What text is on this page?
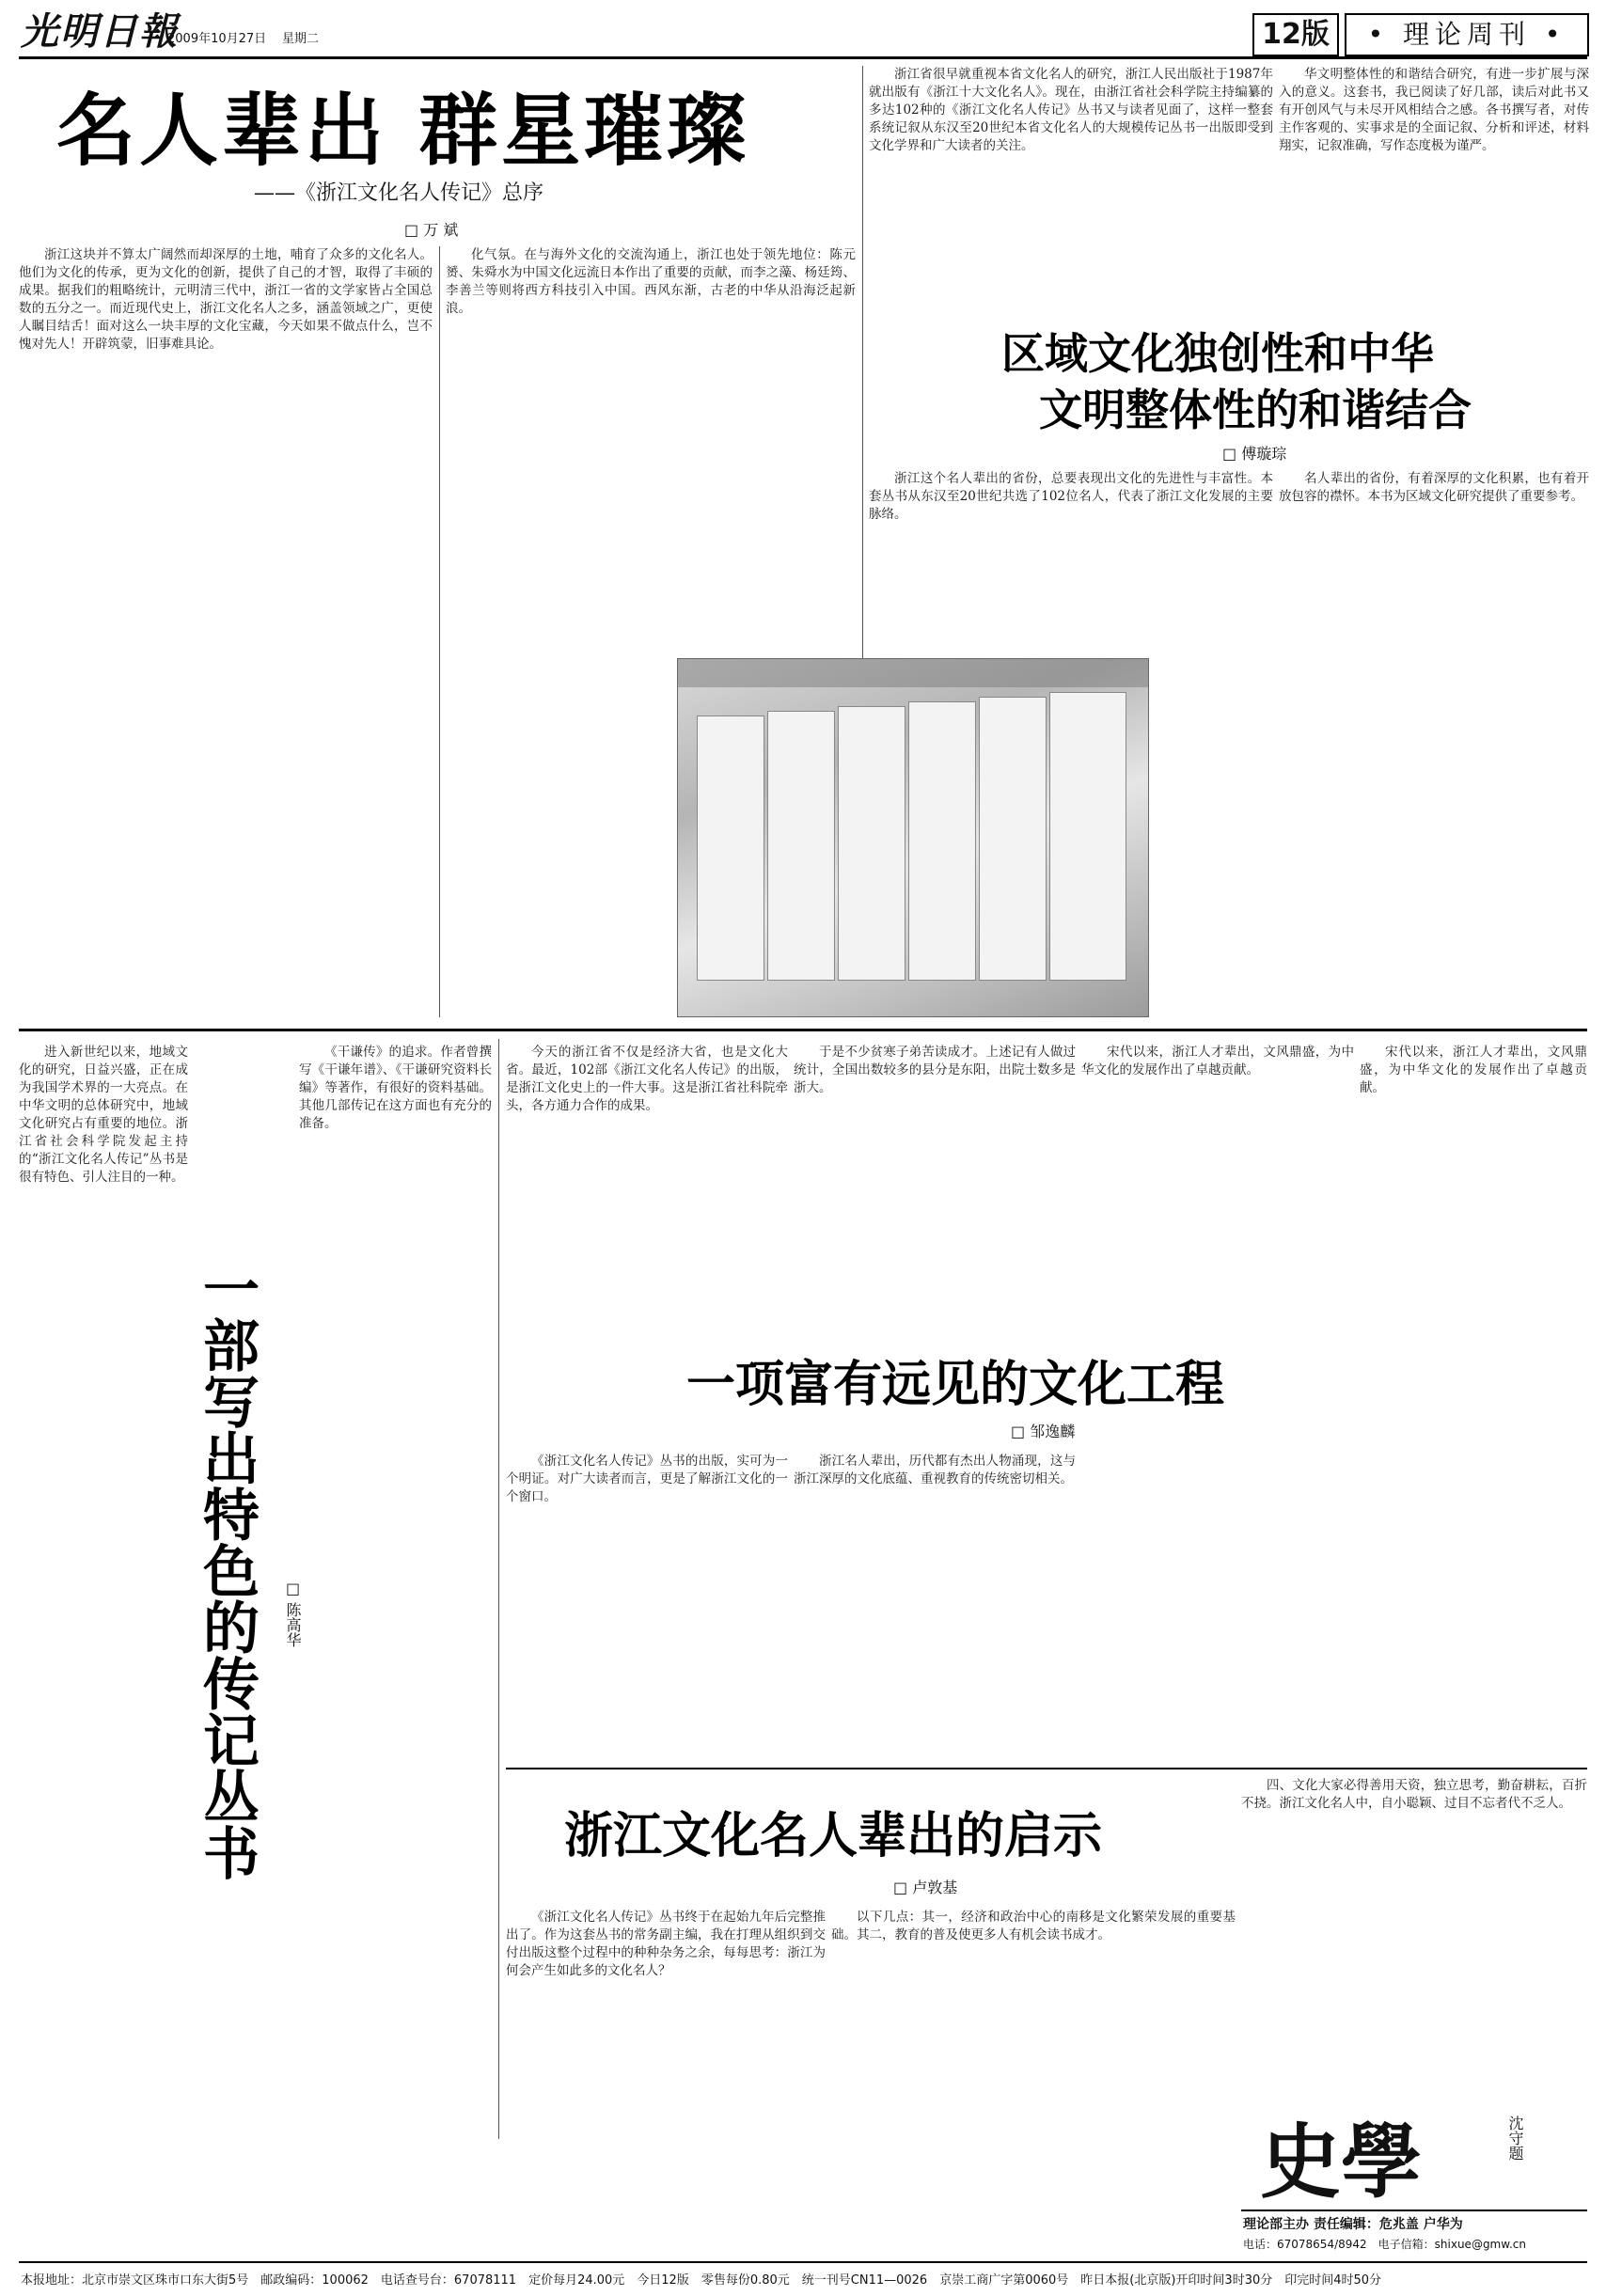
光明日報
2009年10月27日 星期二	12版	• 理论周刊 •
名人辈出 群星璀璨
——《浙江文化名人传记》总序
□ 万 斌

浙江这块并不算太广阔然而却深厚的土地，哺育了众多的文化名人。他们为文化的传承，更为文化的创新，提供了自己的才智，取得了丰硕的成果。据我们的粗略统计，元明清三代中，浙江一省的文学家皆占全国总数的五分之一。而近现代史上，浙江文化名人之多，涵盖领域之广，更使人瞩目结舌！面对这么一块丰厚的文化宝藏，今天如果不做点什么，岂不愧对先人！开辟筑蒙，旧事难具论。

化气氛。在与海外文化的交流沟通上，浙江也处于领先地位：陈元赟、朱舜水为中国文化远流日本作出了重要的贡献，而李之藻、杨廷筠、李善兰等则将西方科技引入中国。西风东渐，古老的中华从沿海泛起新浪。

浙江省很早就重视本省文化名人的研究，浙江人民出版社于1987年就出版有《浙江十大文化名人》。现在，由浙江省社会科学院主持编纂的多达102种的《浙江文化名人传记》丛书又与读者见面了，这样一整套系统记叙从东汉至20世纪本省文化名人的大规模传记丛书一出版即受到文化学界和广大读者的关注。

华文明整体性的和谐结合研究，有进一步扩展与深入的意义。这套书，我已阅读了好几部，读后对此书又有开创风气与未尽开风相结合之感。各书撰写者，对传主作客观的、实事求是的全面记叙、分析和评述，材料翔实，记叙准确，写作态度极为谨严。

区域文化独创性和中华
文明整体性的和谐结合
□ 傅璇琮

浙江这个名人辈出的省份，总要表现出文化的先进性与丰富性。本套丛书从东汉至20世纪共选了102位名人，代表了浙江文化发展的主要脉络。

名人辈出的省份，有着深厚的文化积累，也有着开放包容的襟怀。本书为区域文化研究提供了重要参考。

一部写出特色的传记丛书 □ 陈高华

进入新世纪以来，地域文化的研究，日益兴盛，正在成为我国学术界的一大亮点。在中华文明的总体研究中，地域文化研究占有重要的地位。浙江省社会科学院发起主持的“浙江文化名人传记”丛书是很有特色、引人注目的一种。

《干谦传》的追求。作者曾撰写《干谦年谱》、《干谦研究资料长编》等著作，有很好的资料基础。其他几部传记在这方面也有充分的准备。

今天的浙江省不仅是经济大省，也是文化大省。最近，102部《浙江文化名人传记》的出版，是浙江文化史上的一件大事。这是浙江省社科院牵头，各方通力合作的成果。

于是不少贫寒子弟苦读成才。上述记有人做过统计，全国出数较多的县分是东阳，出院士数多是浙大。

一项富有远见的文化工程
□ 邹逸麟

《浙江文化名人传记》丛书的出版，实可为一个明证。对广大读者而言，更是了解浙江文化的一个窗口。

浙江名人辈出，历代都有杰出人物涌现，这与浙江深厚的文化底蕴、重视教育的传统密切相关。

宋代以来，浙江人才辈出，文风鼎盛，为中华文化的发展作出了卓越贡献。

宋代以来，浙江人才辈出，文风鼎盛，为中华文化的发展作出了卓越贡献。

浙江文化名人辈出的启示
□ 卢敦基

《浙江文化名人传记》丛书终于在起始九年后完整推出了。作为这套丛书的常务副主编，我在打理从组织到交付出版这整个过程中的种种杂务之余，每每思考：浙江为何会产生如此多的文化名人？

以下几点：其一，经济和政治中心的南移是文化繁荣发展的重要基础。其二，教育的普及使更多人有机会读书成才。

四、文化大家必得善用天资，独立思考，勤奋耕耘，百折不挠。浙江文化名人中，自小聪颖、过目不忘者代不乏人。

史學	沈守题
理论部主办 责任编辑：危兆盖 户华为
电话：67078654/8942　电子信箱：shixue@gmw.cn
本报地址：北京市崇文区珠市口东大街5号　邮政编码：100062　电话查号台：67078111　定价每月24.00元　今日12版　零售每份0.80元　统一刊号CN11—0026　京崇工商广字第0060号　昨日本报(北京版)开印时间3时30分　印完时间4时50分
